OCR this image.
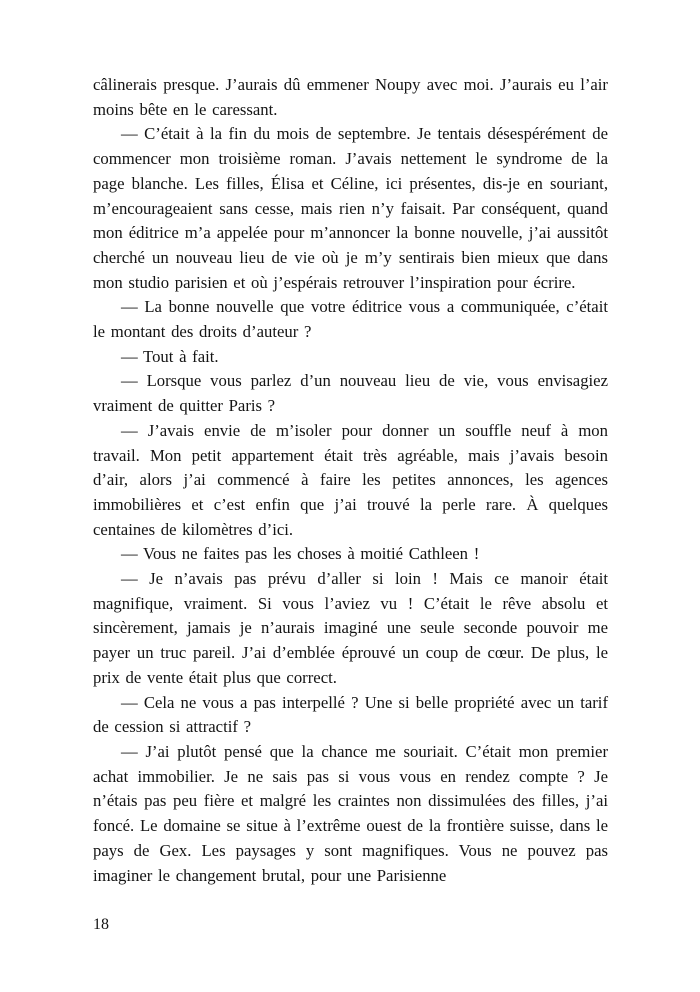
câlinerais presque. J’aurais dû emmener Noupy avec moi. J’aurais eu l’air moins bête en le caressant.

— C’était à la fin du mois de septembre. Je tentais désespérément de commencer mon troisième roman. J’avais nettement le syndrome de la page blanche. Les filles, Élisa et Céline, ici présentes, dis-je en souriant, m’encourageaient sans cesse, mais rien n’y faisait. Par conséquent, quand mon éditrice m’a appelée pour m’annoncer la bonne nouvelle, j’ai aussitôt cherché un nouveau lieu de vie où je m’y sentirais bien mieux que dans mon studio parisien et où j’espérais retrouver l’inspiration pour écrire.

— La bonne nouvelle que votre éditrice vous a communiquée, c’était le montant des droits d’auteur ?

— Tout à fait.

— Lorsque vous parlez d’un nouveau lieu de vie, vous envisagiez vraiment de quitter Paris ?

— J’avais envie de m’isoler pour donner un souffle neuf à mon travail. Mon petit appartement était très agréable, mais j’avais besoin d’air, alors j’ai commencé à faire les petites annonces, les agences immobilières et c’est enfin que j’ai trouvé la perle rare. À quelques centaines de kilomètres d’ici.

— Vous ne faites pas les choses à moitié Cathleen !

— Je n’avais pas prévu d’aller si loin ! Mais ce manoir était magnifique, vraiment. Si vous l’aviez vu ! C’était le rêve absolu et sincèrement, jamais je n’aurais imaginé une seule seconde pouvoir me payer un truc pareil. J’ai d’emblée éprouvé un coup de cœur. De plus, le prix de vente était plus que correct.

— Cela ne vous a pas interpellé ? Une si belle propriété avec un tarif de cession si attractif ?

— J’ai plutôt pensé que la chance me souriait. C’était mon premier achat immobilier. Je ne sais pas si vous vous en rendez compte ? Je n’étais pas peu fière et malgré les craintes non dissimulées des filles, j’ai foncé. Le domaine se situe à l’extrême ouest de la frontière suisse, dans le pays de Gex. Les paysages y sont magnifiques. Vous ne pouvez pas imaginer le changement brutal, pour une Parisienne

18
